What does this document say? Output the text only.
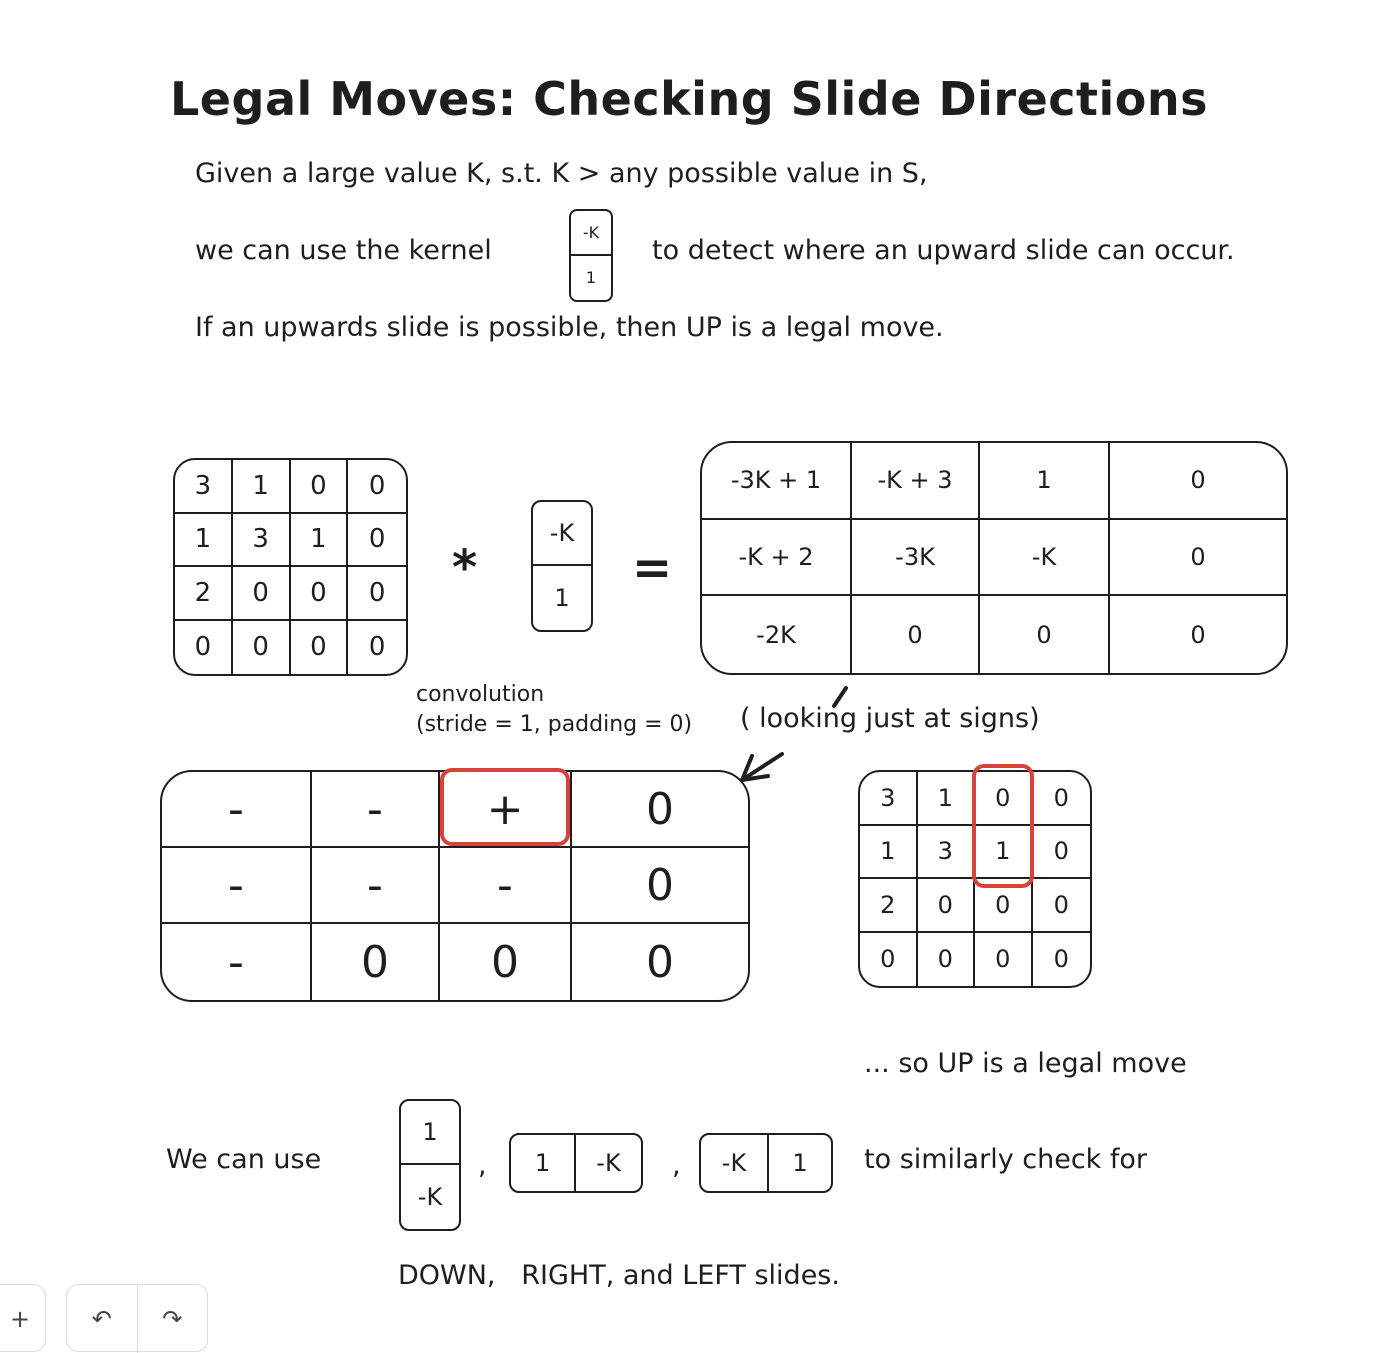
Legal Moves: Checking Slide Directions
Given a large value K, s.t. K > any possible value in S,
we can use the kernel
-K
1
to detect where an upward slide can occur.
If an upwards slide is possible, then UP is a legal move.
3	1	0	0
1	3	1	0
2	0	0	0
0	0	0	0
*
-K
1
=
-3K + 1	-K + 3	1	0
-K + 2	-3K	-K	0
-2K	0	0	0
convolution
(stride = 1, padding = 0) ( looking just at signs)
-	-	+	0
-	-	-	0
-	0	0	0
3	1	0	0
1	3	1	0
2	0	0	0
0	0	0	0
... so UP is a legal move
We can use
1
-K
,	1	-K	,	-K	1	to similarly check for
DOWN,   RIGHT, and LEFT slides.
+	↶	↷
